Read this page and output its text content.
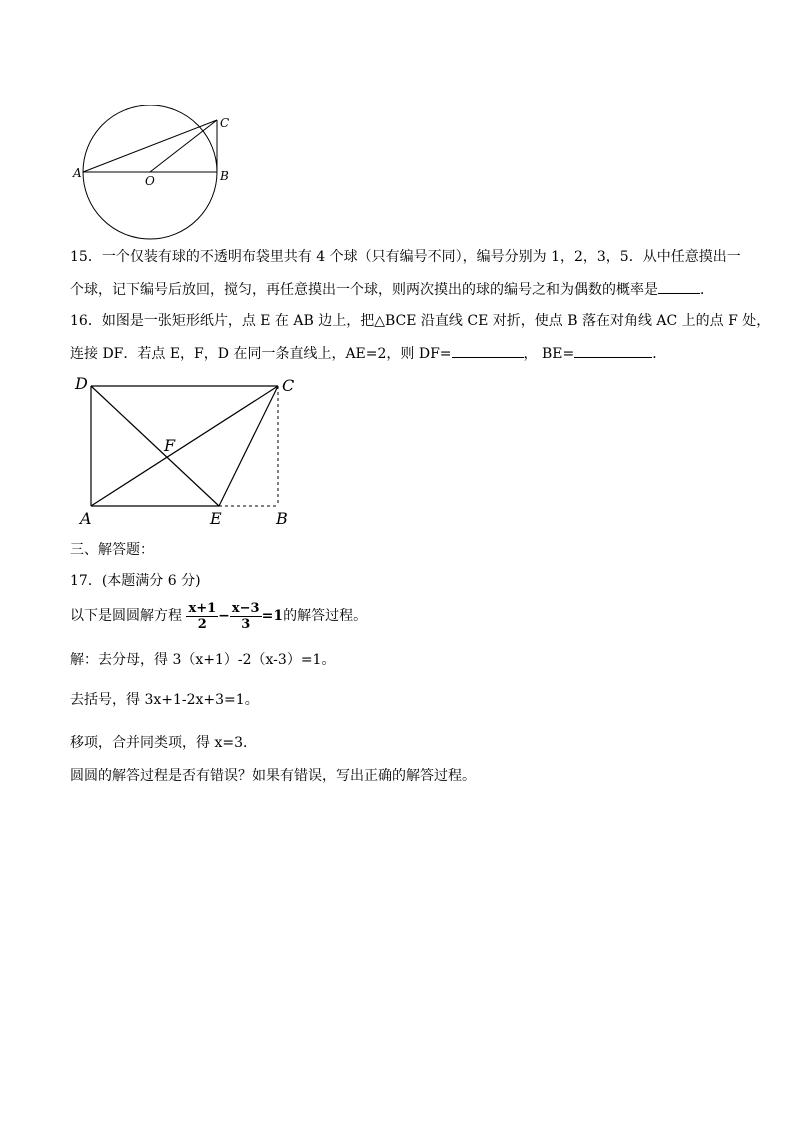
A
O	B
C
15．一个仅装有球的不透明布袋里共有 4 个球（只有编号不同），编号分别为 1，2，3，5．从中任意摸出一
个球，记下编号后放回，搅匀，再任意摸出一个球，则两次摸出的球的编号之和为偶数的概率是	．
16．如图是一张矩形纸片，点 E 在 AB 边上，把△BCE 沿直线 CE 对折，使点 B 落在对角线 AC 上的点 F 处，
连接 DF．若点 E，F，D 在同一条直线上，AE=2，则 DF=	， BE=	．
D	C
F
A	E	B
三、解答题：
17．(本题满分 6 分)
以下是圆圆解方程 $\frac{x+1}{2} - \frac{x-3}{3} =1$的解答过程。
解：去分母，得 3（x+1）-2（x-3）=1。
去括号，得 3x+1-2x+3=1。
移项，合并同类项，得 x=3．
圆圆的解答过程是否有错误？如果有错误，写出正确的解答过程。
